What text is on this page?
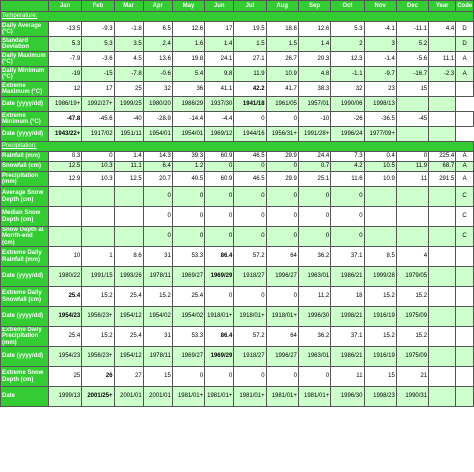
	Jan	Feb	Mar	Apr	May	Jun	Jul	Aug	Sep	Oct	Nov	Dec	Year	Code
Temperature:														
Daily Average (°C)	-13.5	-9.3	-1.8	6.5	12.6	17	19.5	18.8	12.6	5.3	-4.1	-11.1	4.4	D
Standard Deviation	5.3	5.3	3.5	2.4	1.6	1.4	1.5	1.5	1.4	2	3	5.2		D
Daily Maximum (°C)	-7.9	-3.6	4.5	13.6	19.8	24.1	27.1	26.7	20.3	12.3	-1.4	-5.6	11.1	A
Daily Minimum (°C)	-19	-15	-7.8	-0.6	5.4	9.8	11.9	10.9	4.8	-1.1	-9.7	-16.7	-2.3	A
Extreme Maximum (°C)	12	17	25	32	36	41.1	42.2	41.7	38.3	32	23	15		
Date (yyyy/dd)	1986/19+	1992/27+	1999/25	1980/20	1986/29	1937/30	1941/18	1961/05	1957/01	1990/06	1998/13			
Extreme Minimum (°C)	-47.8	-45.6	-40	-28.9	-14.4	-4.4	0	0	-10	-26	-36.5	-45		
Date (yyyy/dd)	1943/22+	1917/02	1951/11	1954/01	1954/01	1969/12	1944/16	1956/31+	1991/28+	1996/24	1977/09+			
Precipitation:														
Rainfall (mm)	0.3	0	1.4	14.3	39.3	60.9	46.5	29.9	24.4	7.3	0.4	0	225.4	A
Snowfall (cm)	12.5	10.3	11.1	6.4	1.2	0	0	0	0.7	4.2	10.5	11.9	68.7	A
Precipitation (mm)	12.9	10.3	12.5	20.7	40.5	60.9	46.5	29.9	25.1	11.6	10.9	11	291.5	A
Average Snow Depth (cm)				0	0	0	0	0	0	0				C
Median Snow Depth (cm)				0	0	0	0	0	0	0				C
Snow Depth at Month-end (cm)				0	0	0	0	0	0	0				C
Extreme Daily Rainfall (mm)	10	1	8.6	31	53.3	86.4	57.2	64	36.2	37.1	8.5	4		
Date (yyyy/dd)	1980/22	1991/15	1993/26	1978/11	1969/27	1969/29	1918/27	1996/27	1963/01	1986/21	1999/28	1979/05		
Extreme Daily Snowfall (cm)	25.4	15.2	25.4	15.2	25.4	0	0	0	11.2	18	15.2	15.2		
Date (yyyy/dd)	1954/23	1956/23+	1954/12	1954/02	1954/02	1918/01+	1918/01+	1918/01+	1996/30	1998/21	1916/19	1975/09		
Extreme Daily Precipitation (mm)	25.4	15.2	25.4	31	53.3	86.4	57.2	64	36.2	37.1	15.2	15.2		
Date (yyyy/dd)	1954/23	1956/23+	1954/12	1978/11	1969/27	1969/29	1918/27	1996/27	1963/01	1986/21	1916/19	1975/09		
Extreme Snow Depth (cm)	25	26	27	15	0	0	0	0	0	11	15	21		
Date	1999/13	2001/25+	2001/01	2001/01	1981/01+	1981/01+	1981/01+	1981/01+	1981/01+	1996/30	1998/23	1990/31		
